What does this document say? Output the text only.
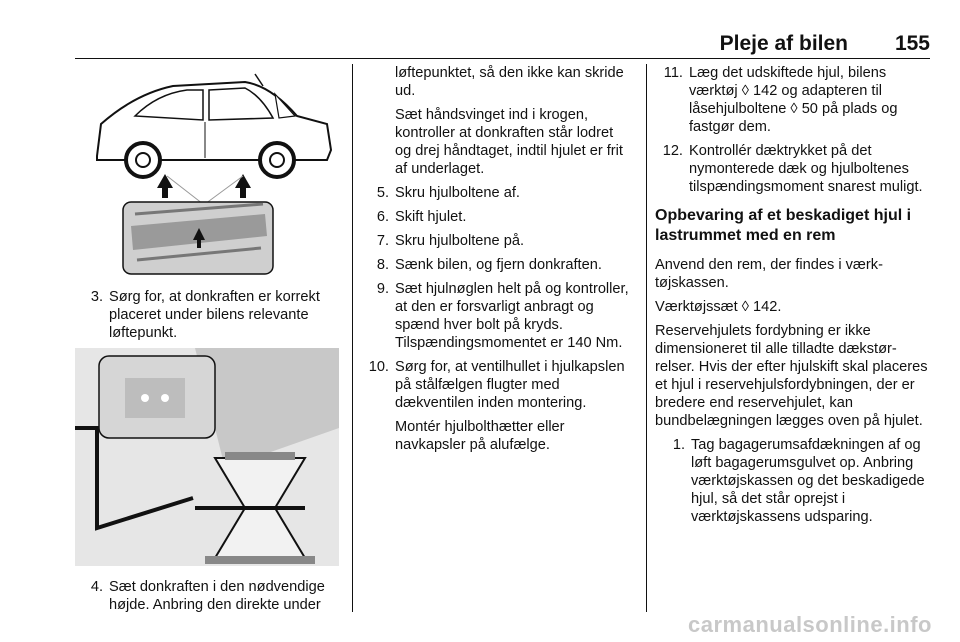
Pleje af bilen 155
3. Sørg for, at donkraften er korrekt placeret under bilens relevante løftepunkt.
4. Sæt donkraften i den nødvendige højde. Anbring den direkte under

løftepunktet, så den ikke kan skride ud.

Sæt håndsvinget ind i krogen, kontroller at donkraften står lodret og drej håndtaget, indtil hjulet er frit af underlaget.

5. Skru hjulboltene af.
6. Skift hjulet.
7. Skru hjulboltene på.
8. Sænk bilen, og fjern donkraften.
9. Sæt hjulnøglen helt på og kontroller, at den er forsvarligt anbragt og spænd hver bolt på kryds.

Tilspændingsmomentet er 140 Nm.

10. Sørg for, at ventilhullet i hjulkapslen på stålfælgen flugter med dækventilen inden montering.

Montér hjulbolthætter eller navkapsler på alufælge.

11. Læg det udskiftede hjul, bilens værktøj ◊ 142 og adapteren til låsehjulboltene ◊ 50 på plads og fastgør dem.
12. Kontrollér dæktrykket på det nymonterede dæk og hjulboltenes tilspændingsmoment snarest muligt.
Opbevaring af et beskadiget hjul i lastrummet med en rem

Anvend den rem, der findes i værktøjskassen.

Værktøjssæt ◊ 142.

Reservehjulets fordybning er ikke dimensioneret til alle tilladte dækstørrelser. Hvis der efter hjulskift skal placeres et hjul i reservehjulsfordybningen, der er bredere end reservehjulet, kan bundbelægningen lægges oven på hjulet.

1. Tag bagagerumsafdækningen af og løft bagagerumsgulvet op. Anbring værktøjskassen og det beskadigede hjul, så det står oprejst i værktøjskassens udsparing.
carmanualsonline.info
